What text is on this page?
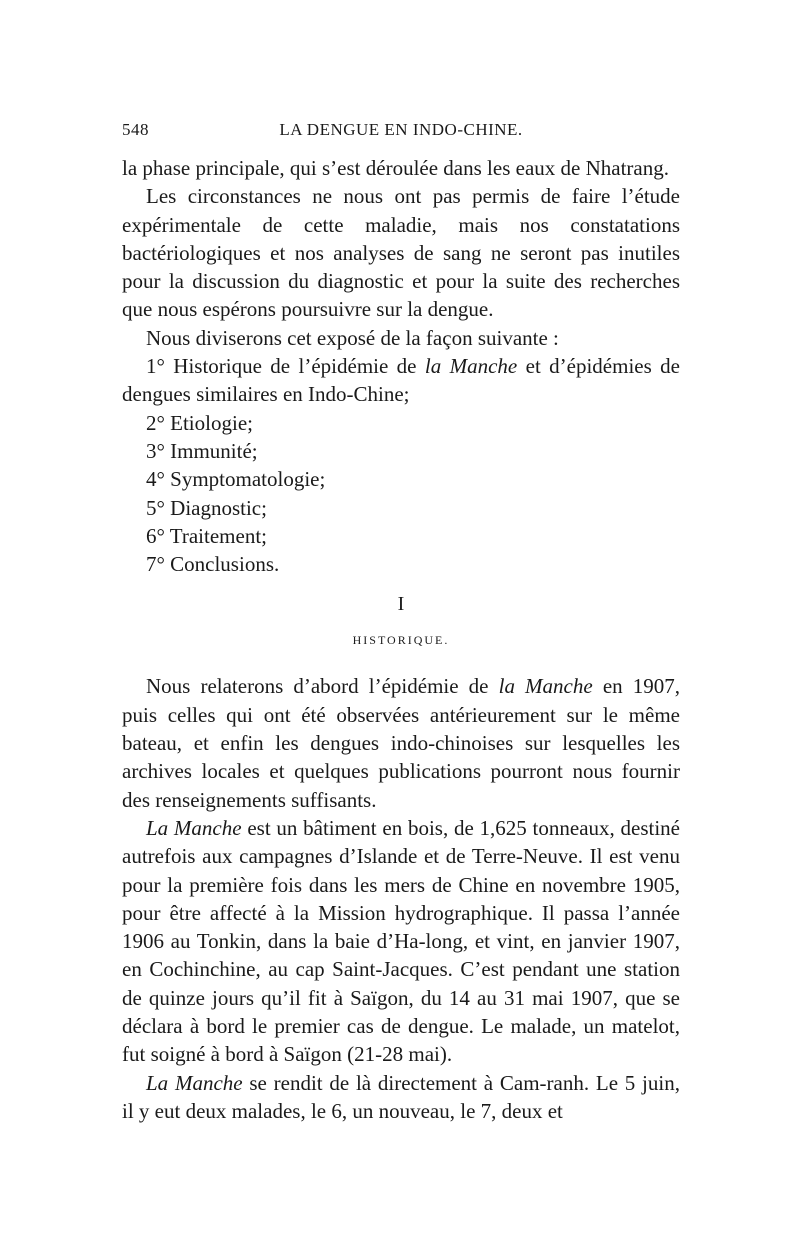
548	LA DENGUE EN INDO-CHINE.

la phase principale, qui s’est déroulée dans les eaux de Nhatrang.

Les circonstances ne nous ont pas permis de faire l’étude expérimentale de cette maladie, mais nos constatations bactériologiques et nos analyses de sang ne seront pas inutiles pour la discussion du diagnostic et pour la suite des recherches que nous espérons poursuivre sur la dengue.

Nous diviserons cet exposé de la façon suivante :

1° Historique de l’épidémie de la Manche et d’épidémies de dengues similaires en Indo-Chine;
2° Etiologie;
3° Immunité;
4° Symptomatologie;
5° Diagnostic;
6° Traitement;
7° Conclusions.
I
HISTORIQUE.

Nous relaterons d’abord l’épidémie de la Manche en 1907, puis celles qui ont été observées antérieurement sur le même bateau, et enfin les dengues indo-chinoises sur lesquelles les archives locales et quelques publications pourront nous fournir des renseignements suffisants.

La Manche est un bâtiment en bois, de 1,625 tonneaux, destiné autrefois aux campagnes d’Islande et de Terre-Neuve. Il est venu pour la première fois dans les mers de Chine en novembre 1905, pour être affecté à la Mission hydrographique. Il passa l’année 1906 au Tonkin, dans la baie d’Ha-long, et vint, en janvier 1907, en Cochinchine, au cap Saint-Jacques. C’est pendant une station de quinze jours qu’il fit à Saïgon, du 14 au 31 mai 1907, que se déclara à bord le premier cas de dengue. Le malade, un matelot, fut soigné à bord à Saïgon (21-28 mai).

La Manche se rendit de là directement à Cam-ranh. Le 5 juin, il y eut deux malades, le 6, un nouveau, le 7, deux et
